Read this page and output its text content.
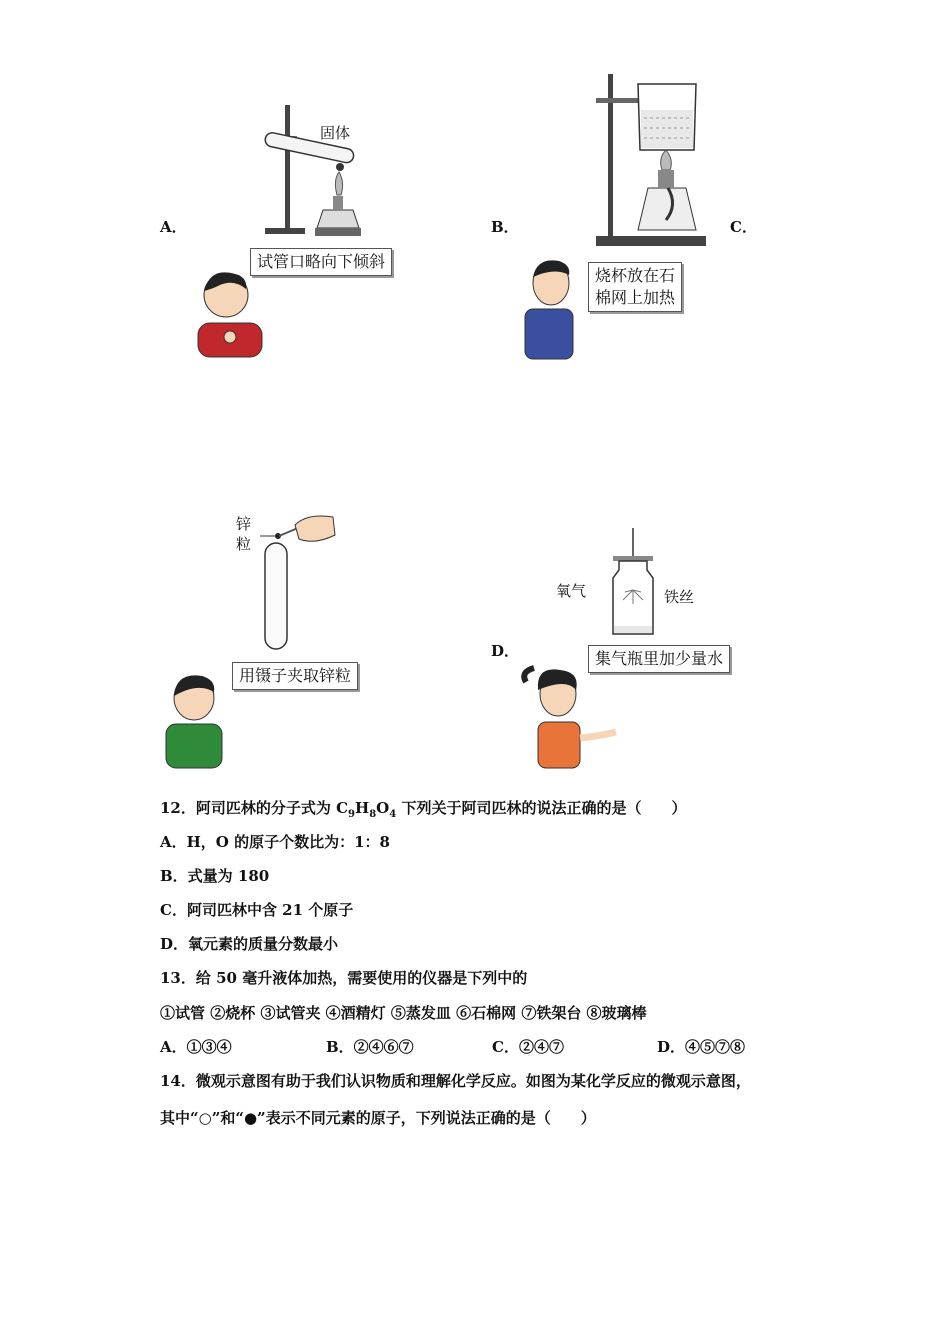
A．
固体
试管口略向下倾斜
B．
烧杯放在石
棉网上加热
C．
锌
粒
用镊子夹取锌粒
D．
氧气	铁丝
集气瓶里加少量水
12．阿司匹林的分子式为 $C_9H_8O_4$ 下列关于阿司匹林的说法正确的是（　　）
A．H，O 的原子个数比为：1：8
B．式量为 180
C．阿司匹林中含 21 个原子
D．氧元素的质量分数最小
13．给 50 毫升液体加热，需要使用的仪器是下列中的
①试管 ②烧杯 ③试管夹 ④酒精灯 ⑤蒸发皿 ⑥石棉网 ⑦铁架台 ⑧玻璃棒
A．①③④	B．②④⑥⑦	C．②④⑦	D．④⑤⑦⑧
14．微观示意图有助于我们认识物质和理解化学反应。如图为某化学反应的微观示意图，
其中“○”和“●”表示不同元素的原子，下列说法正确的是（　　）
